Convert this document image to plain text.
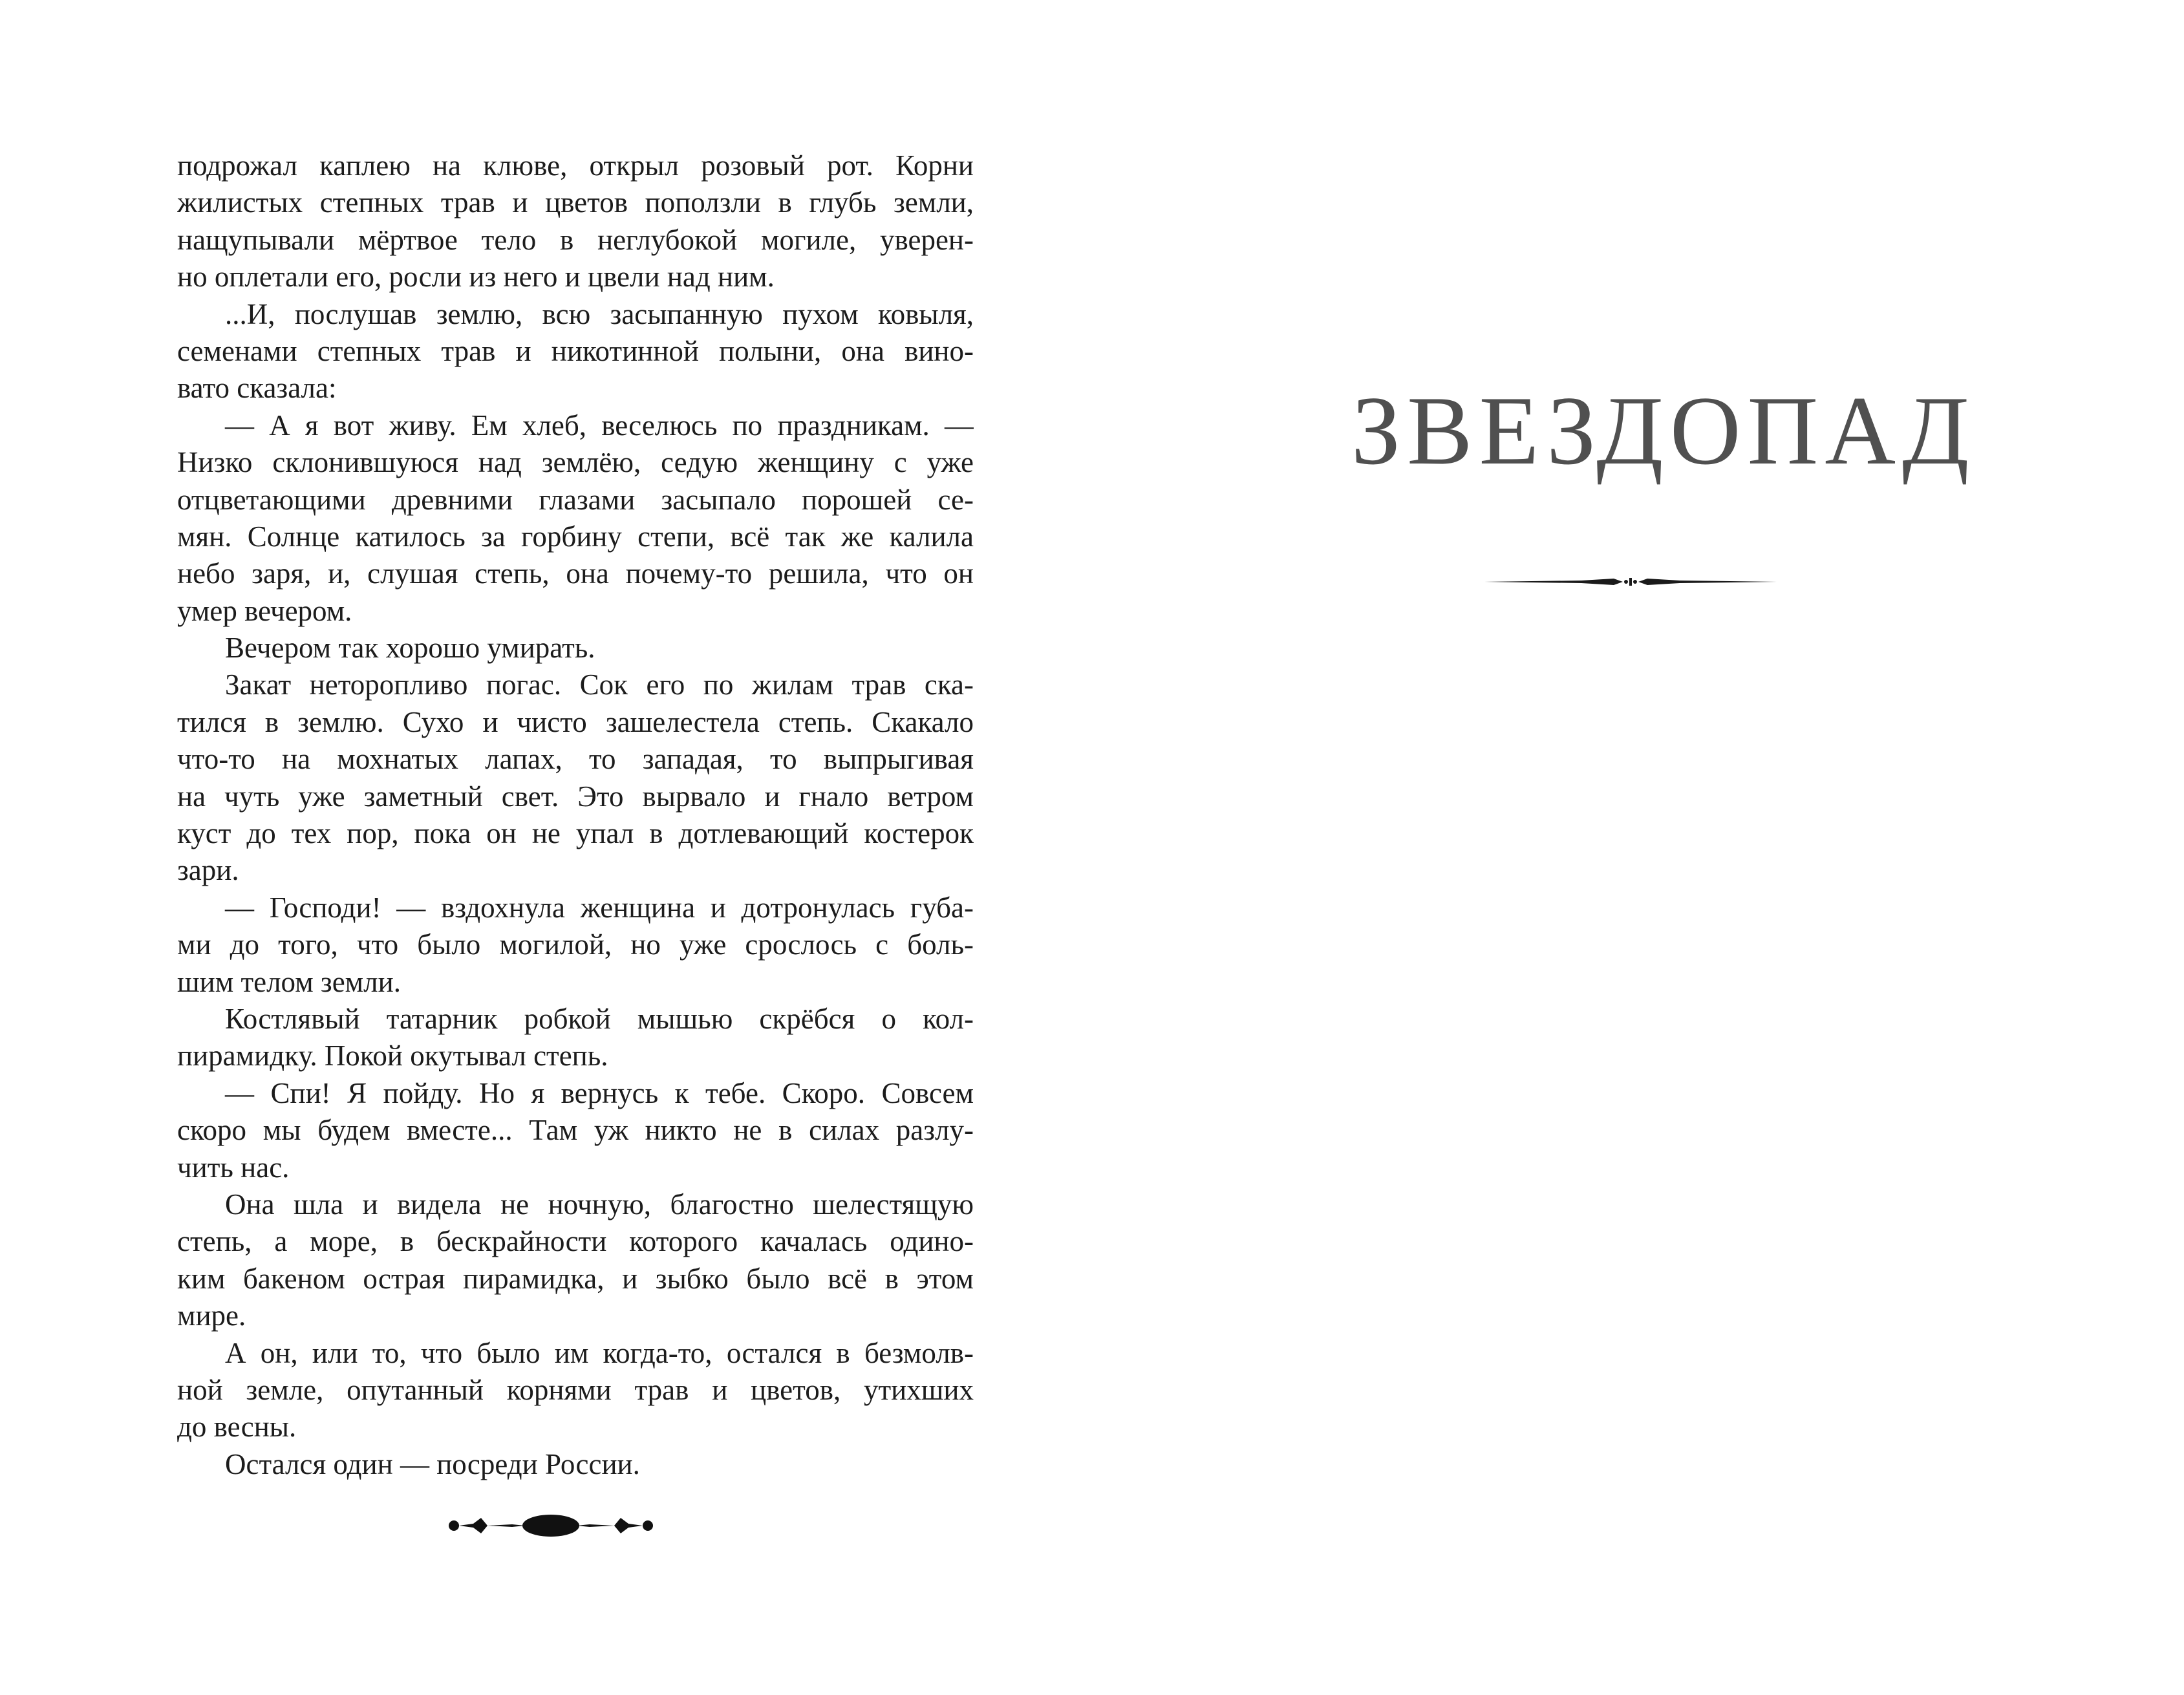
подрожал каплею на клюве, открыл розовый рот. Корни
жилистых степных трав и цветов поползли в глубь земли,
нащупывали мёртвое тело в неглубокой могиле, уверен-
но оплетали его, росли из него и цвели над ним.
...И, послушав землю, всю засыпанную пухом ковыля,
семенами степных трав и никотинной полыни, она вино-
вато сказала:
— А я вот живу. Ем хлеб, веселюсь по праздникам. —
Низко склонившуюся над землёю, седую женщину с уже
отцветающими древними глазами засыпало порошей се-
мян. Солнце катилось за горбину степи, всё так же калила
небо заря, и, слушая степь, она почему-то решила, что он
умер вечером.
Вечером так хорошо умирать.
Закат неторопливо погас. Сок его по жилам трав ска-
тился в землю. Сухо и чисто зашелестела степь. Скакало
что-то на мохнатых лапах, то западая, то выпрыгивая
на чуть уже заметный свет. Это вырвало и гнало ветром
куст до тех пор, пока он не упал в дотлевающий костерок
зари.
— Господи! — вздохнула женщина и дотронулась губа-
ми до того, что было могилой, но уже срослось с боль-
шим телом земли.
Костлявый татарник робкой мышью скрёбся о кол-
пирамидку. Покой окутывал степь.
— Спи! Я пойду. Но я вернусь к тебе. Скоро. Совсем
скоро мы будем вместе... Там уж никто не в силах разлу-
чить нас.
Она шла и видела не ночную, благостно шелестящую
степь, а море, в бескрайности которого качалась одино-
ким бакеном острая пирамидка, и зыбко было всё в этом
мире.
А он, или то, что было им когда-то, остался в безмолв-
ной земле, опутанный корнями трав и цветов, утихших
до весны.
Остался один — посреди России.
ЗВЕЗДОПАД
